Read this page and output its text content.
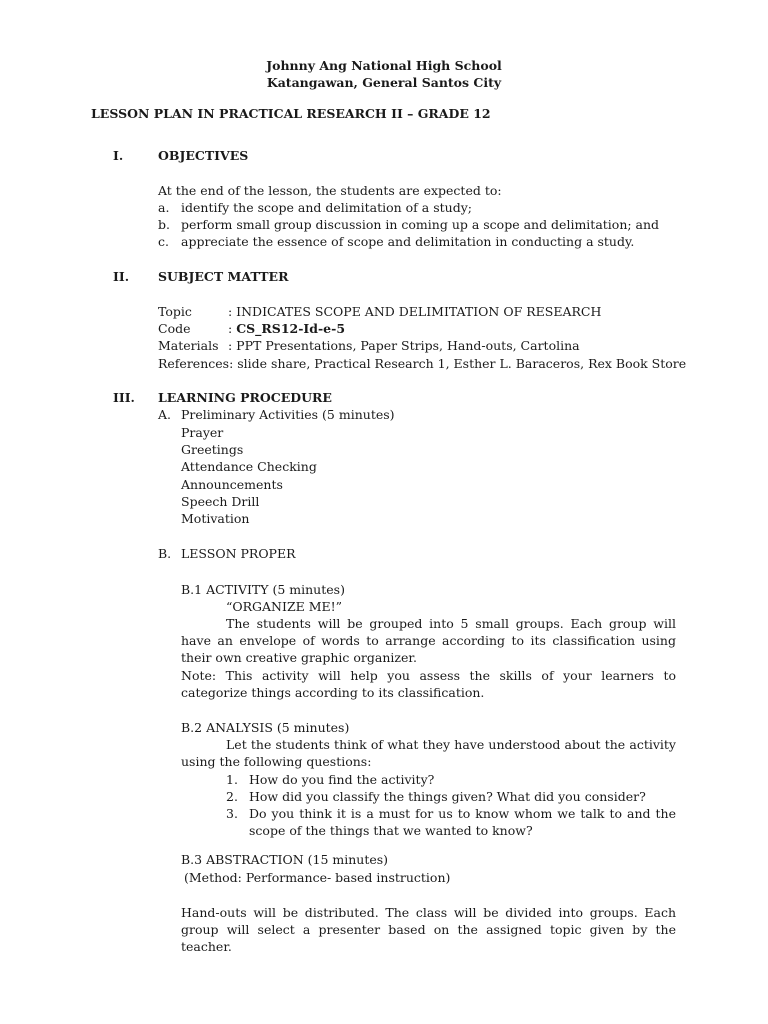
Johnny Ang National High School
Katangawan, General Santos City
LESSON PLAN IN PRACTICAL RESEARCH II – GRADE 12
I.	OBJECTIVES
At the end of the lesson, the students are expected to:
a. identify the scope and delimitation of a study;
b. perform small group discussion in coming up a scope and delimitation; and
c. appreciate the essence of scope and delimitation in conducting a study.
II. SUBJECT MATTER
Topic	: INDICATES SCOPE AND DELIMITATION OF RESEARCH
Code	: CS_RS12-Id-e-5
Materials : PPT Presentations, Paper Strips, Hand-outs, Cartolina
References: slide share, Practical Research 1, Esther L. Baraceros, Rex Book Store
III. LEARNING PROCEDURE
A. Preliminary Activities (5 minutes)
Prayer
Greetings
Attendance Checking
Announcements
Speech Drill
Motivation
B. LESSON PROPER
B.1 ACTIVITY (5 minutes)
“ORGANIZE ME!”
The students will be grouped into 5 small groups. Each group will have an envelope of words to arrange according to its classification using their own creative graphic organizer.
Note: This activity will help you assess the skills of your learners to categorize things according to its classification.
B.2 ANALYSIS (5 minutes)
Let the students think of what they have understood about the activity using the following questions:
1. How do you find the activity?
2. How did you classify the things given? What did you consider?
3. Do you think it is a must for us to know whom we talk to and the scope of the things that we wanted to know?
B.3 ABSTRACTION (15 minutes)
(Method: Performance- based instruction)
Hand-outs will be distributed. The class will be divided into groups. Each group will select a presenter based on the assigned topic given by the teacher.
